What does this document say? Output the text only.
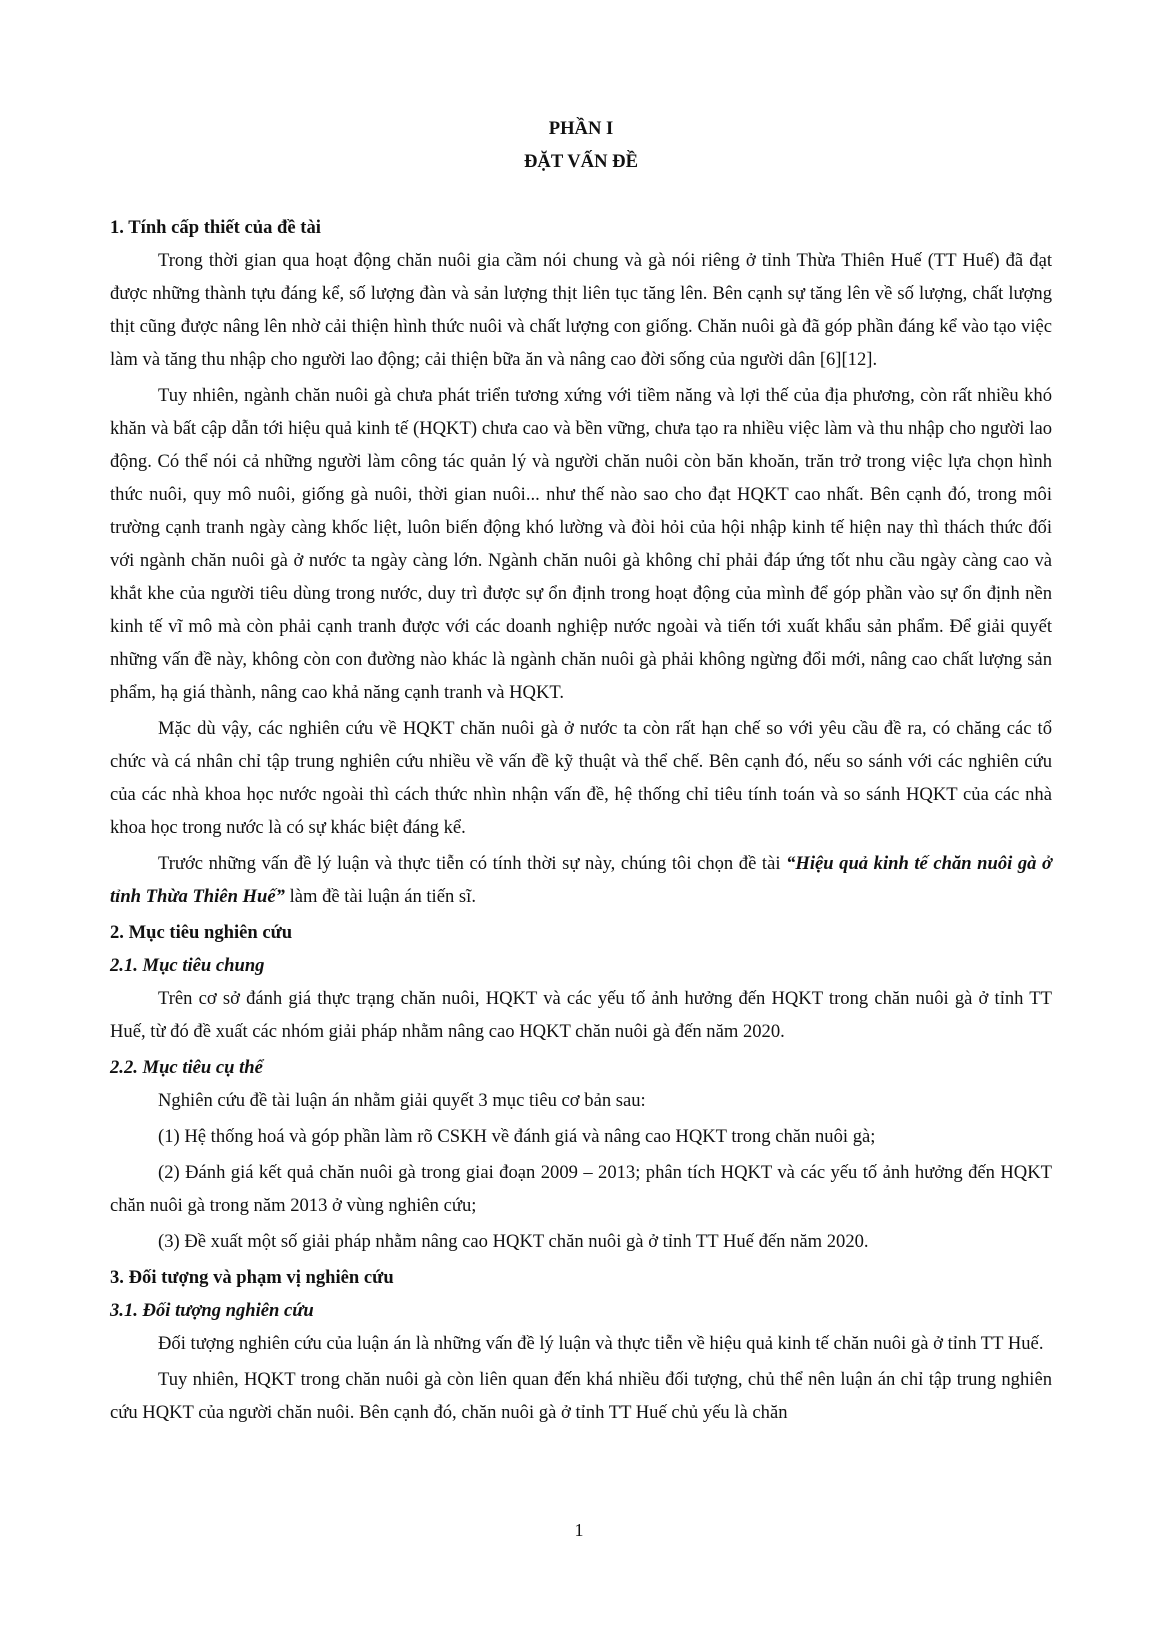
PHẦN I

ĐẶT VẤN ĐỀ

1. Tính cấp thiết của đề tài

Trong thời gian qua hoạt động chăn nuôi gia cầm nói chung và gà nói riêng ở tỉnh Thừa Thiên Huế (TT Huế) đã đạt được những thành tựu đáng kể, số lượng đàn và sản lượng thịt liên tục tăng lên. Bên cạnh sự tăng lên về số lượng, chất lượng thịt cũng được nâng lên nhờ cải thiện hình thức nuôi và chất lượng con giống. Chăn nuôi gà đã góp phần đáng kể vào tạo việc làm và tăng thu nhập cho người lao động; cải thiện bữa ăn và nâng cao đời sống của người dân [6][12].

Tuy nhiên, ngành chăn nuôi gà chưa phát triển tương xứng với tiềm năng và lợi thế của địa phương, còn rất nhiều khó khăn và bất cập dẫn tới hiệu quả kinh tế (HQKT) chưa cao và bền vững, chưa tạo ra nhiều việc làm và thu nhập cho người lao động. Có thể nói cả những người làm công tác quản lý và người chăn nuôi còn băn khoăn, trăn trở trong việc lựa chọn hình thức nuôi, quy mô nuôi, giống gà nuôi, thời gian nuôi... như thế nào sao cho đạt HQKT cao nhất. Bên cạnh đó, trong môi trường cạnh tranh ngày càng khốc liệt, luôn biến động khó lường và đòi hỏi của hội nhập kinh tế hiện nay thì thách thức đối với ngành chăn nuôi gà ở nước ta ngày càng lớn. Ngành chăn nuôi gà không chỉ phải đáp ứng tốt nhu cầu ngày càng cao và khắt khe của người tiêu dùng trong nước, duy trì được sự ổn định trong hoạt động của mình để góp phần vào sự ổn định nền kinh tế vĩ mô mà còn phải cạnh tranh được với các doanh nghiệp nước ngoài và tiến tới xuất khẩu sản phẩm. Để giải quyết những vấn đề này, không còn con đường nào khác là ngành chăn nuôi gà phải không ngừng đổi mới, nâng cao chất lượng sản phẩm, hạ giá thành, nâng cao khả năng cạnh tranh và HQKT.

Mặc dù vậy, các nghiên cứu về HQKT chăn nuôi gà ở nước ta còn rất hạn chế so với yêu cầu đề ra, có chăng các tổ chức và cá nhân chỉ tập trung nghiên cứu nhiều về vấn đề kỹ thuật và thể chế. Bên cạnh đó, nếu so sánh với các nghiên cứu của các nhà khoa học nước ngoài thì cách thức nhìn nhận vấn đề, hệ thống chỉ tiêu tính toán và so sánh HQKT của các nhà khoa học trong nước là có sự khác biệt đáng kể.

Trước những vấn đề lý luận và thực tiễn có tính thời sự này, chúng tôi chọn đề tài “Hiệu quả kinh tế chăn nuôi gà ở tỉnh Thừa Thiên Huế” làm đề tài luận án tiến sĩ.

2. Mục tiêu nghiên cứu

2.1. Mục tiêu chung

Trên cơ sở đánh giá thực trạng chăn nuôi, HQKT và các yếu tố ảnh hưởng đến HQKT trong chăn nuôi gà ở tỉnh TT Huế, từ đó đề xuất các nhóm giải pháp nhằm nâng cao HQKT chăn nuôi gà đến năm 2020.

2.2. Mục tiêu cụ thể

Nghiên cứu đề tài luận án nhằm giải quyết 3 mục tiêu cơ bản sau:

(1) Hệ thống hoá và góp phần làm rõ CSKH về đánh giá và nâng cao HQKT trong chăn nuôi gà;

(2) Đánh giá kết quả chăn nuôi gà trong giai đoạn 2009 – 2013; phân tích HQKT và các yếu tố ảnh hưởng đến HQKT chăn nuôi gà trong năm 2013 ở vùng nghiên cứu;

(3) Đề xuất một số giải pháp nhằm nâng cao HQKT chăn nuôi gà ở tỉnh TT Huế đến năm 2020.

3. Đối tượng và phạm vị nghiên cứu

3.1. Đối tượng nghiên cứu

Đối tượng nghiên cứu của luận án là những vấn đề lý luận và thực tiễn về hiệu quả kinh tế chăn nuôi gà ở tỉnh TT Huế.

Tuy nhiên, HQKT trong chăn nuôi gà còn liên quan đến khá nhiều đối tượng, chủ thể nên luận án chỉ tập trung nghiên cứu HQKT của người chăn nuôi. Bên cạnh đó, chăn nuôi gà ở tỉnh TT Huế chủ yếu là chăn

1
